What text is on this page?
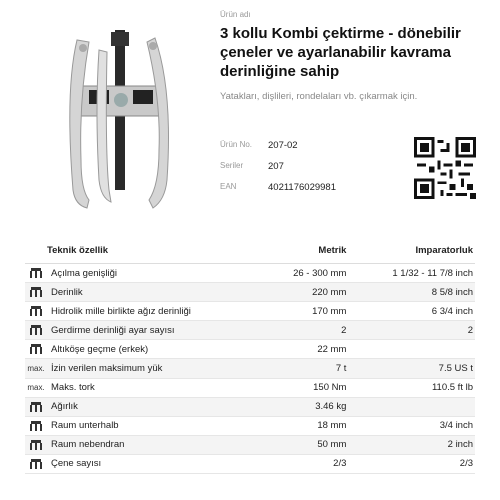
Ürün adı
3 kollu Kombi çektirme - dönebilir çeneler ve ayarlanabilir kavrama derinliğine sahip
Yatakları, dişlileri, rondelaları vb. çıkarmak için.
Ürün No.	207-02
Seriler	207
EAN	4021176029981
	Teknik özellik	Metrik	Imparatorluk
	Açılma genişliği	26 - 300 mm	1 1/32 - 11 7/8 inch
	Derinlik	220 mm	8 5/8 inch
	Hidrolik mille birlikte ağız derinliği	170 mm	6 3/4 inch
	Gerdirme derinliği ayar sayısı	2	2
	Altıköşe geçme (erkek)	22 mm	
max.	İzin verilen maksimum yük	7 t	7.5 US t
max.	Maks. tork	150 Nm	110.5 ft lb
	Ağırlık	3.46 kg	
	Raum unterhalb	18 mm	3/4 inch
	Raum nebendran	50 mm	2 inch
	Çene sayısı	2/3	2/3
